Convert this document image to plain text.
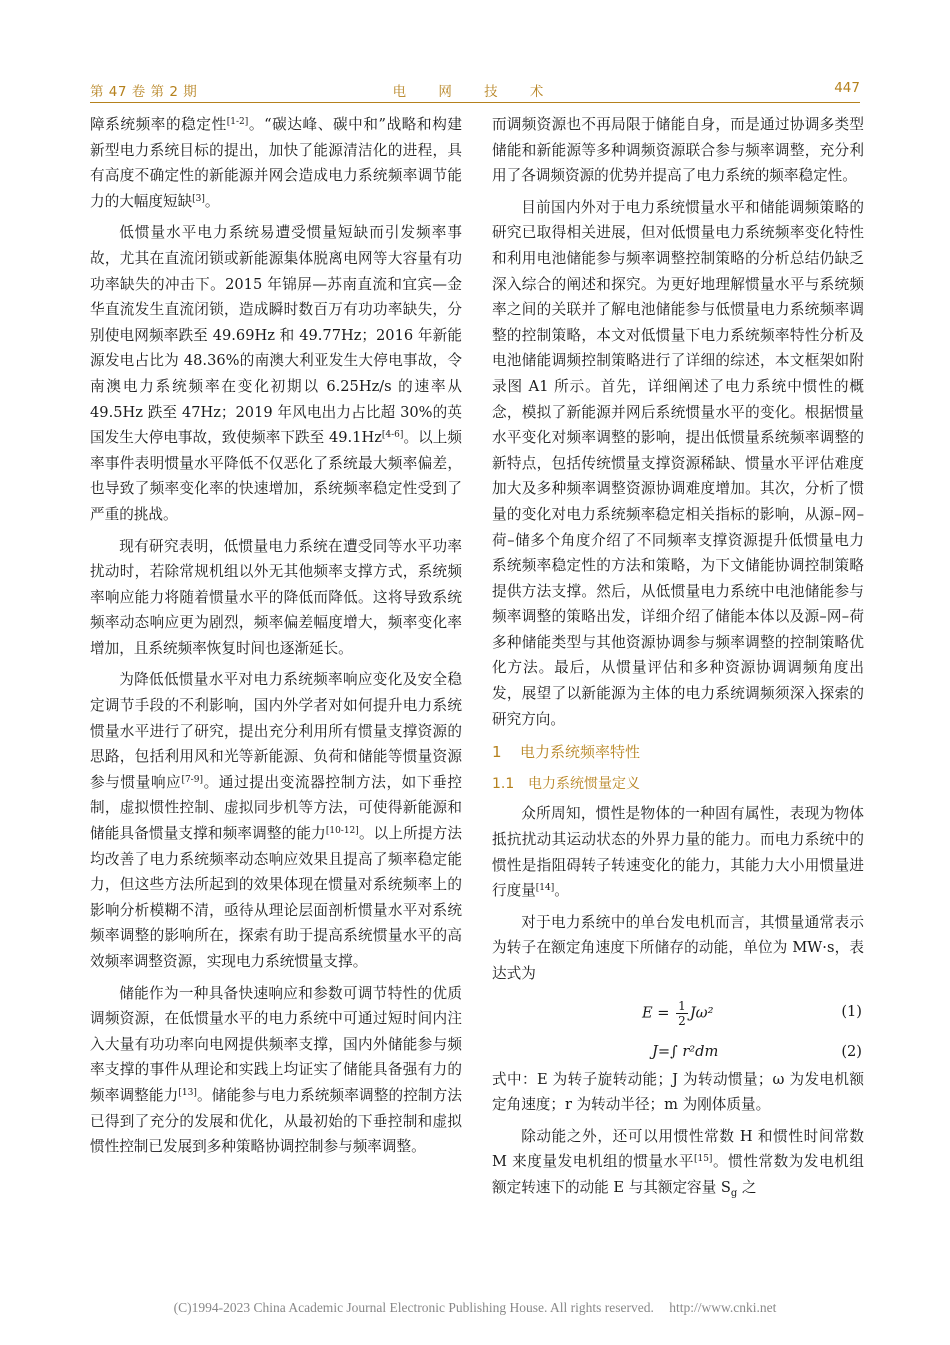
第 47 卷 第 2 期	电 网 技 术	447

障系统频率的稳定性[1-2]。“碳达峰、碳中和”战略和构建新型电力系统目标的提出，加快了能源清洁化的进程，具有高度不确定性的新能源并网会造成电力系统频率调节能力的大幅度短缺[3]。

低惯量水平电力系统易遭受惯量短缺而引发频率事故，尤其在直流闭锁或新能源集体脱离电网等大容量有功功率缺失的冲击下。2015 年锦屏—苏南直流和宜宾—金华直流发生直流闭锁，造成瞬时数百万有功功率缺失，分别使电网频率跌至 49.69Hz 和 49.77Hz；2016 年新能源发电占比为 48.36%的南澳大利亚发生大停电事故，令南澳电力系统频率在变化初期以 6.25Hz/s 的速率从 49.5Hz 跌至 47Hz；2019 年风电出力占比超 30%的英国发生大停电事故，致使频率下跌至 49.1Hz[4-6]。以上频率事件表明惯量水平降低不仅恶化了系统最大频率偏差，也导致了频率变化率的快速增加，系统频率稳定性受到了严重的挑战。

现有研究表明，低惯量电力系统在遭受同等水平功率扰动时，若除常规机组以外无其他频率支撑方式，系统频率响应能力将随着惯量水平的降低而降低。这将导致系统频率动态响应更为剧烈，频率偏差幅度增大，频率变化率增加，且系统频率恢复时间也逐渐延长。

为降低低惯量水平对电力系统频率响应变化及安全稳定调节手段的不利影响，国内外学者对如何提升电力系统惯量水平进行了研究，提出充分利用所有惯量支撑资源的思路，包括利用风和光等新能源、负荷和储能等惯量资源参与惯量响应[7-9]。通过提出变流器控制方法，如下垂控制，虚拟惯性控制、虚拟同步机等方法，可使得新能源和储能具备惯量支撑和频率调整的能力[10-12]。以上所提方法均改善了电力系统频率动态响应效果且提高了频率稳定能力，但这些方法所起到的效果体现在惯量对系统频率上的影响分析模糊不清，亟待从理论层面剖析惯量水平对系统频率调整的影响所在，探索有助于提高系统惯量水平的高效频率调整资源，实现电力系统惯量支撑。

储能作为一种具备快速响应和参数可调节特性的优质调频资源，在低惯量水平的电力系统中可通过短时间内注入大量有功功率向电网提供频率支撑，国内外储能参与频率支撑的事件从理论和实践上均证实了储能具备强有力的频率调整能力[13]。储能参与电力系统频率调整的控制方法已得到了充分的发展和优化，从最初始的下垂控制和虚拟惯性控制已发展到多种策略协调控制参与频率调整。

而调频资源也不再局限于储能自身，而是通过协调多类型储能和新能源等多种调频资源联合参与频率调整，充分利用了各调频资源的优势并提高了电力系统的频率稳定性。

目前国内外对于电力系统惯量水平和储能调频策略的研究已取得相关进展，但对低惯量电力系统频率变化特性和利用电池储能参与频率调整控制策略的分析总结仍缺乏深入综合的阐述和探究。为更好地理解惯量水平与系统频率之间的关联并了解电池储能参与低惯量电力系统频率调整的控制策略，本文对低惯量下电力系统频率特性分析及电池储能调频控制策略进行了详细的综述，本文框架如附录图 A1 所示。首先，详细阐述了电力系统中惯性的概念，模拟了新能源并网后系统惯量水平的变化。根据惯量水平变化对频率调整的影响，提出低惯量系统频率调整的新特点，包括传统惯量支撑资源稀缺、惯量水平评估难度加大及多种频率调整资源协调难度增加。其次，分析了惯量的变化对电力系统频率稳定相关指标的影响，从源–网–荷–储多个角度介绍了不同频率支撑资源提升低惯量电力系统频率稳定性的方法和策略，为下文储能协调控制策略提供方法支撑。然后，从低惯量电力系统中电池储能参与频率调整的策略出发，详细介绍了储能本体以及源–网–荷多种储能类型与其他资源协调参与频率调整的控制策略优化方法。最后，从惯量评估和多种资源协调调频角度出发，展望了以新能源为主体的电力系统调频须深入探索的研究方向。

1 电力系统频率特性
1.1 电力系统惯量定义

众所周知，惯性是物体的一种固有属性，表现为物体抵抗扰动其运动状态的外界力量的能力。而电力系统中的惯性是指阻碍转子转速变化的能力，其能力大小用惯量进行度量[14]。

对于电力系统中的单台发电机而言，其惯量通常表示为转子在额定角速度下所储存的动能，单位为 MW·s，表达式为

$E = \frac{1}{2} J\omega^2$	(1)
J=∫ r²dm	(2)

式中：E 为转子旋转动能；J 为转动惯量；ω 为发电机额定角速度；r 为转动半径；m 为刚体质量。

除动能之外，还可以用惯性常数 H 和惯性时间常数 M 来度量发电机组的惯量水平[15]。惯性常数为发电机组额定转速下的动能 E 与其额定容量 $S_g$ 之

(C)1994-2023 China Academic Journal Electronic Publishing House. All rights reserved. http://www.cnki.net
